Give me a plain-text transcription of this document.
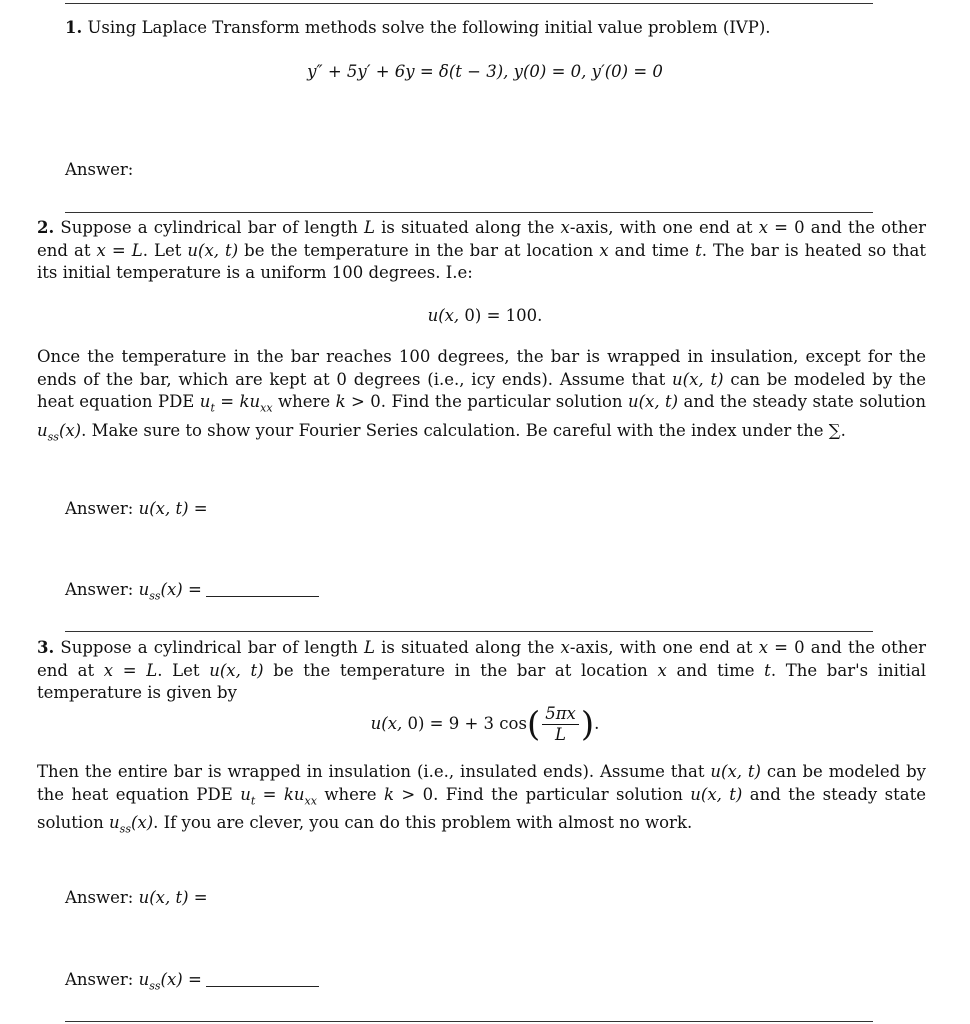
1. Using Laplace Transform methods solve the following initial value problem (IVP).
y″ + 5y′ + 6y = δ(t − 3), y(0) = 0, y′(0) = 0
Answer:
2. Suppose a cylindrical bar of length L is situated along the x-axis, with one end at x = 0 and the other end at x = L. Let u(x, t) be the temperature in the bar at location x and time t. The bar is heated so that its initial temperature is a uniform 100 degrees. I.e:
u(x, 0) = 100.
Once the temperature in the bar reaches 100 degrees, the bar is wrapped in insulation, except for the ends of the bar, which are kept at 0 degrees (i.e., icy ends). Assume that u(x, t) can be modeled by the heat equation PDE $u_t = ku_{xx}$ where k > 0. Find the particular solution u(x, t) and the steady state solution $u_{ss}(x)$. Make sure to show your Fourier Series calculation. Be careful with the index under the ∑.
Answer: u(x, t) =
Answer: $u_{ss}(x)$ =
3. Suppose a cylindrical bar of length L is situated along the x-axis, with one end at x = 0 and the other end at x = L. Let u(x, t) be the temperature in the bar at location x and time t. The bar's initial temperature is given by
u(x, 0) = 9 + 3 $\cos( \frac{5\pi x}{L}$ ).
Then the entire bar is wrapped in insulation (i.e., insulated ends). Assume that u(x, t) can be modeled by the heat equation PDE $u_t = ku_{xx}$ where k > 0. Find the particular solution u(x, t) and the steady state solution $u_{ss}(x)$. If you are clever, you can do this problem with almost no work.
Answer: u(x, t) =
Answer: $u_{ss}(x)$ =
